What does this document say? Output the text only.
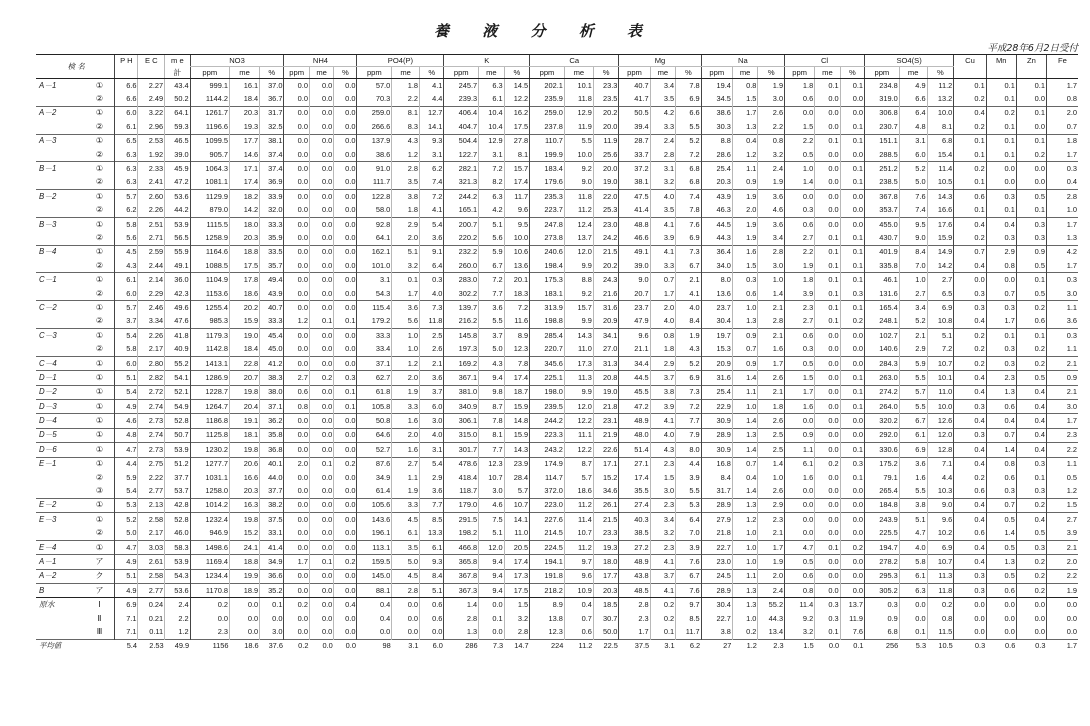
養 液 分 析 表
平成28年6月2日受付
検 名		P H	E C	m e	NO3			NH4			PO4(P)			K			Ca			Mg			Na			Cl			SO4(S)			Cu	Mn	Zn	Fe
				計	ppm	me	%	ppm	me	%	ppm	me	%	ppm	me	%	ppm	me	%	ppm	me	%	ppm	me	%	ppm	me	%	ppm	me	%				
A－1	①	6.6	2.27	43.4	999.1	16.1	37.0	0.0	0.0	0.0	57.0	1.8	4.1	245.7	6.3	14.5	202.1	10.1	23.3	40.7	3.4	7.8	19.4	0.8	1.9	1.8	0.1	0.1	234.8	4.9	11.2	0.1	0.1	0.1	1.7
	②	6.6	2.49	50.2	1144.2	18.4	36.7	0.0	0.0	0.0	70.3	2.2	4.4	239.3	6.1	12.2	235.9	11.8	23.5	41.7	3.5	6.9	34.5	1.5	3.0	0.6	0.0	0.0	319.0	6.6	13.2	0.2	0.1	0.0	0.8
A－2	①	6.0	3.22	64.1	1261.7	20.3	31.7	0.0	0.0	0.0	259.0	8.1	12.7	406.4	10.4	16.2	259.0	12.9	20.2	50.5	4.2	6.6	38.6	1.7	2.6	0.0	0.0	0.0	306.8	6.4	10.0	0.4	0.2	0.1	2.0
	②	6.1	2.96	59.3	1196.6	19.3	32.5	0.0	0.0	0.0	266.6	8.3	14.1	404.7	10.4	17.5	237.8	11.9	20.0	39.4	3.3	5.5	30.3	1.3	2.2	1.5	0.0	0.1	230.7	4.8	8.1	0.2	0.1	0.0	0.7
A－3	①	6.5	2.53	46.5	1099.5	17.7	38.1	0.0	0.0	0.0	137.9	4.3	9.3	504.4	12.9	27.8	110.7	5.5	11.9	28.7	2.4	5.2	8.8	0.4	0.8	2.2	0.1	0.1	151.1	3.1	6.8	0.1	0.1	0.1	1.8
	②	6.3	1.92	39.0	905.7	14.6	37.4	0.0	0.0	0.0	38.6	1.2	3.1	122.7	3.1	8.1	199.9	10.0	25.6	33.7	2.8	7.2	28.6	1.2	3.2	0.5	0.0	0.0	288.5	6.0	15.4	0.1	0.1	0.2	1.7
B－1	①	6.3	2.33	45.9	1064.3	17.1	37.4	0.0	0.0	0.0	91.0	2.8	6.2	282.1	7.2	15.7	183.4	9.2	20.0	37.2	3.1	6.8	25.4	1.1	2.4	1.0	0.0	0.1	251.2	5.2	11.4	0.2	0.0	0.0	0.3
	②	6.3	2.41	47.2	1081.1	17.4	36.9	0.0	0.0	0.0	111.7	3.5	7.4	321.3	8.2	17.4	179.6	9.0	19.0	38.1	3.2	6.8	20.3	0.9	1.9	1.4	0.0	0.1	238.5	5.0	10.5	0.1	0.0	0.0	0.4
B－2	①	5.7	2.60	53.6	1129.9	18.2	33.9	0.0	0.0	0.0	122.8	3.8	7.2	244.2	6.3	11.7	235.3	11.8	22.0	47.5	4.0	7.4	43.9	1.9	3.6	0.0	0.0	0.0	367.8	7.6	14.3	0.6	0.3	0.5	2.8
	②	6.2	2.26	44.2	879.0	14.2	32.0	0.0	0.0	0.0	58.0	1.8	4.1	165.1	4.2	9.6	223.7	11.2	25.3	41.4	3.5	7.8	46.3	2.0	4.6	0.3	0.0	0.0	353.7	7.4	16.6	0.1	0.1	0.1	1.0
B－3	①	5.8	2.51	53.9	1115.5	18.0	33.3	0.0	0.0	0.0	92.8	2.9	5.4	200.7	5.1	9.5	247.8	12.4	23.0	48.8	4.1	7.6	44.5	1.9	3.6	0.6	0.0	0.0	455.0	9.5	17.6	0.4	0.4	0.3	1.7
	②	5.6	2.71	56.5	1258.9	20.3	35.9	0.0	0.0	0.0	64.1	2.0	3.6	220.2	5.6	10.0	273.8	13.7	24.2	46.6	3.9	6.9	44.3	1.9	3.4	2.7	0.1	0.1	430.7	9.0	15.9	0.2	0.3	0.3	1.3
B－4	①	4.5	2.59	55.9	1164.6	18.8	33.5	0.0	0.0	0.0	162.1	5.1	9.1	232.2	5.9	10.6	240.6	12.0	21.5	49.1	4.1	7.3	36.4	1.6	2.8	2.2	0.1	0.1	401.9	8.4	14.9	0.7	2.9	0.9	4.2
	②	4.3	2.44	49.1	1088.5	17.5	35.7	0.0	0.0	0.0	101.0	3.2	6.4	260.0	6.7	13.6	198.4	9.9	20.2	39.0	3.3	6.7	34.0	1.5	3.0	1.9	0.1	0.1	335.8	7.0	14.2	0.4	0.8	0.5	1.7
C－1	①	6.1	2.14	36.0	1104.9	17.8	49.4	0.0	0.0	0.0	3.1	0.1	0.3	283.0	7.2	20.1	175.3	8.8	24.3	9.0	0.7	2.1	8.0	0.3	1.0	1.8	0.1	0.1	46.1	1.0	2.7	0.0	0.0	0.1	0.3
	②	6.0	2.29	42.3	1153.6	18.6	43.9	0.0	0.0	0.0	54.3	1.7	4.0	302.2	7.7	18.3	183.1	9.2	21.6	20.7	1.7	4.1	13.6	0.6	1.4	3.9	0.1	0.3	131.6	2.7	6.5	0.3	0.7	0.5	3.0
C－2	①	5.7	2.46	49.6	1255.4	20.2	40.7	0.0	0.0	0.0	115.4	3.6	7.3	139.7	3.6	7.2	313.9	15.7	31.6	23.7	2.0	4.0	23.7	1.0	2.1	2.3	0.1	0.1	165.4	3.4	6.9	0.3	0.3	0.2	1.1
	②	3.7	3.34	47.6	985.3	15.9	33.3	1.2	0.1	0.1	179.2	5.6	11.8	216.2	5.5	11.6	198.8	9.9	20.9	47.9	4.0	8.4	30.4	1.3	2.8	2.7	0.1	0.2	248.1	5.2	10.8	0.4	1.7	0.6	3.6
C－3	①	5.4	2.26	41.8	1179.3	19.0	45.4	0.0	0.0	0.0	33.3	1.0	2.5	145.8	3.7	8.9	285.4	14.3	34.1	9.6	0.8	1.9	19.7	0.9	2.1	0.6	0.0	0.0	102.7	2.1	5.1	0.2	0.1	0.1	0.3
	②	5.8	2.17	40.9	1142.8	18.4	45.0	0.0	0.0	0.0	33.4	1.0	2.6	197.3	5.0	12.3	220.7	11.0	27.0	21.1	1.8	4.3	15.3	0.7	1.6	0.3	0.0	0.0	140.6	2.9	7.2	0.2	0.3	0.2	1.1
C－4	①	6.0	2.80	55.2	1413.1	22.8	41.2	0.0	0.0	0.0	37.1	1.2	2.1	169.2	4.3	7.8	345.6	17.3	31.3	34.4	2.9	5.2	20.9	0.9	1.7	0.5	0.0	0.0	284.3	5.9	10.7	0.2	0.3	0.2	2.1
D－1	①	5.1	2.82	54.1	1286.9	20.7	38.3	2.7	0.2	0.3	62.7	2.0	3.6	367.1	9.4	17.4	225.1	11.3	20.8	44.5	3.7	6.9	31.6	1.4	2.6	1.5	0.0	0.1	263.0	5.5	10.1	0.4	2.3	0.5	0.9
D－2	①	5.4	2.72	52.1	1228.7	19.8	38.0	0.6	0.0	0.1	61.8	1.9	3.7	381.0	9.8	18.7	198.0	9.9	19.0	45.5	3.8	7.3	25.4	1.1	2.1	1.7	0.0	0.1	274.2	5.7	11.0	0.4	1.3	0.4	2.1
D－3	①	4.9	2.74	54.9	1264.7	20.4	37.1	0.8	0.0	0.1	105.8	3.3	6.0	340.9	8.7	15.9	239.5	12.0	21.8	47.2	3.9	7.2	22.9	1.0	1.8	1.6	0.0	0.1	264.0	5.5	10.0	0.3	0.6	0.4	3.0
D－4	①	4.6	2.73	52.8	1186.8	19.1	36.2	0.0	0.0	0.0	50.8	1.6	3.0	306.1	7.8	14.8	244.2	12.2	23.1	48.9	4.1	7.7	30.9	1.4	2.6	0.0	0.0	0.0	320.2	6.7	12.6	0.4	0.4	0.4	1.7
D－5	①	4.8	2.74	50.7	1125.8	18.1	35.8	0.0	0.0	0.0	64.6	2.0	4.0	315.0	8.1	15.9	223.3	11.1	21.9	48.0	4.0	7.9	28.9	1.3	2.5	0.9	0.0	0.0	292.0	6.1	12.0	0.3	0.7	0.4	2.3
D－6	①	4.7	2.73	53.9	1230.2	19.8	36.8	0.0	0.0	0.0	52.7	1.6	3.1	301.7	7.7	14.3	243.2	12.2	22.6	51.4	4.3	8.0	30.9	1.4	2.5	1.1	0.0	0.1	330.6	6.9	12.8	0.4	1.4	0.4	2.2
E－1	①	4.4	2.75	51.2	1277.7	20.6	40.1	2.0	0.1	0.2	87.6	2.7	5.4	478.6	12.3	23.9	174.9	8.7	17.1	27.1	2.3	4.4	16.8	0.7	1.4	6.1	0.2	0.3	175.2	3.6	7.1	0.4	0.8	0.3	1.1
	②	5.9	2.22	37.7	1031.1	16.6	44.0	0.0	0.0	0.0	34.9	1.1	2.9	418.4	10.7	28.4	114.7	5.7	15.2	17.4	1.5	3.9	8.4	0.4	1.0	1.6	0.0	0.1	79.1	1.6	4.4	0.2	0.6	0.1	0.5
	③	5.4	2.77	53.7	1258.0	20.3	37.7	0.0	0.0	0.0	61.4	1.9	3.6	118.7	3.0	5.7	372.0	18.6	34.6	35.5	3.0	5.5	31.7	1.4	2.6	0.0	0.0	0.0	265.4	5.5	10.3	0.6	0.3	0.3	1.2
E－2	①	5.3	2.13	42.8	1014.2	16.3	38.2	0.0	0.0	0.0	105.6	3.3	7.7	179.0	4.6	10.7	223.0	11.2	26.1	27.4	2.3	5.3	28.9	1.3	2.9	0.0	0.0	0.0	184.8	3.8	9.0	0.4	0.7	0.2	1.5
E－3	①	5.2	2.58	52.8	1232.4	19.8	37.5	0.0	0.0	0.0	143.6	4.5	8.5	291.5	7.5	14.1	227.6	11.4	21.5	40.3	3.4	6.4	27.9	1.2	2.3	0.0	0.0	0.0	243.9	5.1	9.6	0.4	0.5	0.4	2.7
	②	5.0	2.17	46.0	946.9	15.2	33.1	0.0	0.0	0.0	196.1	6.1	13.3	198.2	5.1	11.0	214.5	10.7	23.3	38.5	3.2	7.0	21.8	1.0	2.1	0.0	0.0	0.0	225.5	4.7	10.2	0.6	1.4	0.5	3.9
E－4	①	4.7	3.03	58.3	1498.6	24.1	41.4	0.0	0.0	0.0	113.1	3.5	6.1	466.8	12.0	20.5	224.5	11.2	19.3	27.2	2.3	3.9	22.7	1.0	1.7	4.7	0.1	0.2	194.7	4.0	6.9	0.4	0.5	0.3	2.1
A－1	ア	4.9	2.61	53.9	1169.4	18.8	34.9	1.7	0.1	0.2	159.5	5.0	9.3	365.8	9.4	17.4	194.1	9.7	18.0	48.9	4.1	7.6	23.0	1.0	1.9	0.5	0.0	0.0	278.2	5.8	10.7	0.4	1.3	0.2	2.0
A－2	ク	5.1	2.58	54.3	1234.4	19.9	36.6	0.0	0.0	0.0	145.0	4.5	8.4	367.8	9.4	17.3	191.8	9.6	17.7	43.8	3.7	6.7	24.5	1.1	2.0	0.6	0.0	0.0	295.3	6.1	11.3	0.3	0.5	0.2	2.2
B	ア	4.9	2.77	53.6	1170.8	18.9	35.2	0.0	0.0	0.0	88.1	2.8	5.1	367.3	9.4	17.5	218.2	10.9	20.3	48.5	4.1	7.6	28.9	1.3	2.4	0.8	0.0	0.0	305.2	6.3	11.8	0.3	0.6	0.2	1.9
原水	Ⅰ	6.9	0.24	2.4	0.2	0.0	0.1	0.2	0.0	0.4	0.4	0.0	0.6	1.4	0.0	1.5	8.9	0.4	18.5	2.8	0.2	9.7	30.4	1.3	55.2	11.4	0.3	13.7	0.3	0.0	0.2	0.0	0.0	0.0	0.0
	Ⅱ	7.1	0.21	2.2	0.0	0.0	0.0	0.0	0.0	0.0	0.4	0.0	0.6	2.8	0.1	3.2	13.8	0.7	30.7	2.3	0.2	8.5	22.7	1.0	44.3	9.2	0.3	11.9	0.9	0.0	0.8	0.0	0.0	0.0	0.0
	Ⅲ	7.1	0.11	1.2	2.3	0.0	3.0	0.0	0.0	0.0	0.0	0.0	0.0	1.3	0.0	2.8	12.3	0.6	50.0	1.7	0.1	11.7	3.8	0.2	13.4	3.2	0.1	7.6	6.8	0.1	11.5	0.0	0.0	0.0	0.0
平均値		5.4	2.53	49.9	1156	18.6	37.6	0.2	0.0	0.0	98	3.1	6.0	286	7.3	14.7	224	11.2	22.5	37.5	3.1	6.2	27	1.2	2.3	1.5	0.0	0.1	256	5.3	10.5	0.3	0.6	0.3	1.7
